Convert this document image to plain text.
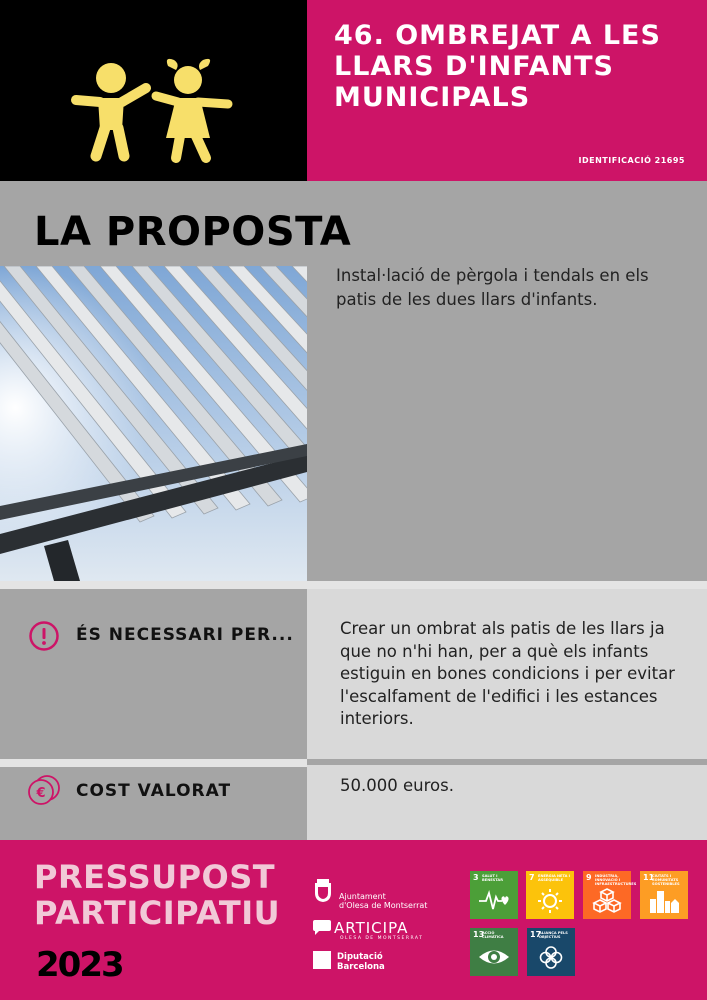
46. OMBREJAT A LES
LLARS D'INFANTS
MUNICIPALS
IDENTIFICACIÓ 21695
LA PROPOSTA
Instal·lació de pèrgola i tendals en els patis de les dues llars d'infants.
ÉS NECESSARI PER...	Crear un ombrat als patis de les llars ja que no n'hi han, per a què els infants estiguin en bones condicions i per evitar l'escalfament de l'edifici i les estances interiors.
€ COST VALORAT	50.000 euros.
PRESSUPOST
PARTICIPATIU
2023
Ajuntament
d'Olesa de Montserrat
ARTICIPA
OLESA DE MONTSERRAT
Diputació
Barcelona
3 SALUT I BENESTAR	7 ENERGIA NETA I ASSEQUIBLE	9 INDÚSTRIA, INNOVACIÓ I INFRAESTRUCTURES
11
CIUTATS I COMUNITATS SOSTENIBLES
13
ACCIÓ CLIMÀTICA	17
ALIANÇA PELS OBJECTIUS
